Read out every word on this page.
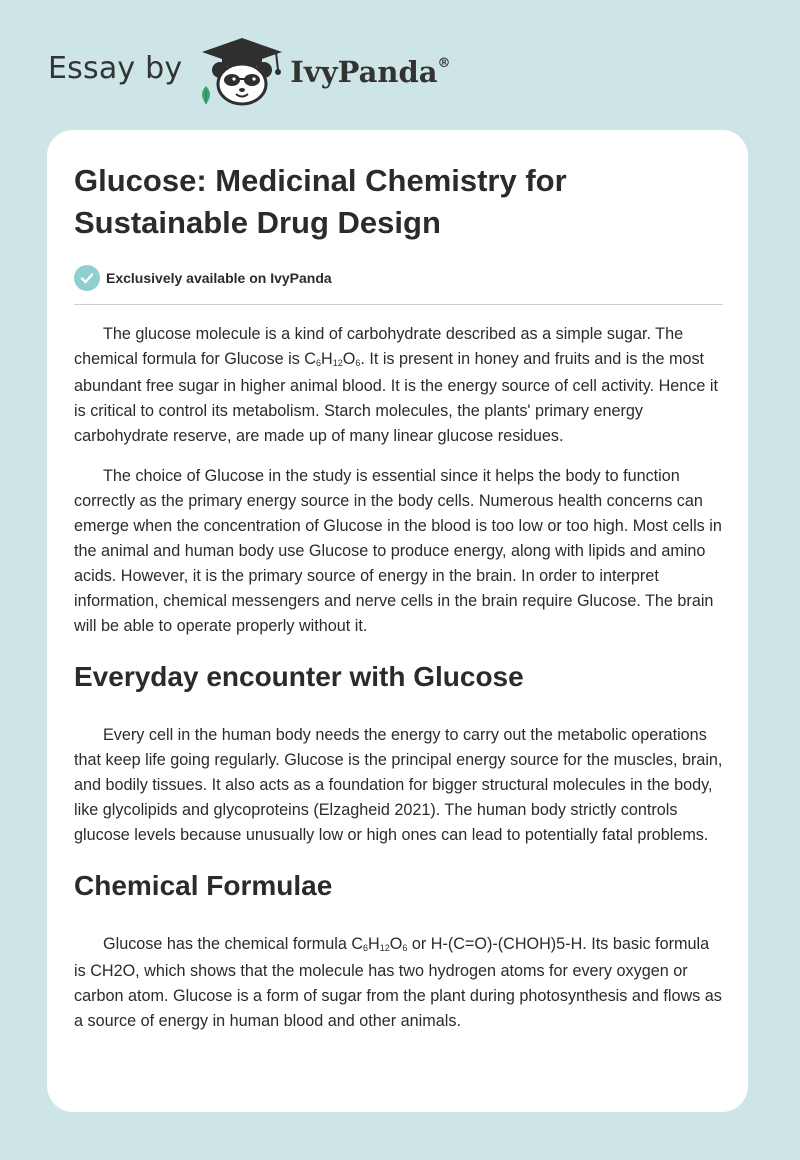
Essay by	IvyPanda®
Glucose: Medicinal Chemistry for Sustainable Drug Design
Exclusively available on IvyPanda

The glucose molecule is a kind of carbohydrate described as a simple sugar. The chemical formula for Glucose is $C_6H_{12}O_6$. It is present in honey and fruits and is the most abundant free sugar in higher animal blood. It is the energy source of cell activity. Hence it is critical to control its metabolism. Starch molecules, the plants' primary energy carbohydrate reserve, are made up of many linear glucose residues.

The choice of Glucose in the study is essential since it helps the body to function correctly as the primary energy source in the body cells. Numerous health concerns can emerge when the concentration of Glucose in the blood is too low or too high. Most cells in the animal and human body use Glucose to produce energy, along with lipids and amino acids. However, it is the primary source of energy in the brain. In order to interpret information, chemical messengers and nerve cells in the brain require Glucose. The brain will be able to operate properly without it.

Everyday encounter with Glucose

Every cell in the human body needs the energy to carry out the metabolic operations that keep life going regularly. Glucose is the principal energy source for the muscles, brain, and bodily tissues. It also acts as a foundation for bigger structural molecules in the body, like glycolipids and glycoproteins (Elzagheid 2021). The human body strictly controls glucose levels because unusually low or high ones can lead to potentially fatal problems.

Chemical Formulae

Glucose has the chemical formula $C_6H_{12}O_6$ or H-(C=O)-(CHOH)5-H. Its basic formula is CH2O, which shows that the molecule has two hydrogen atoms for every oxygen or carbon atom. Glucose is a form of sugar from the plant during photosynthesis and flows as a source of energy in human blood and other animals.
